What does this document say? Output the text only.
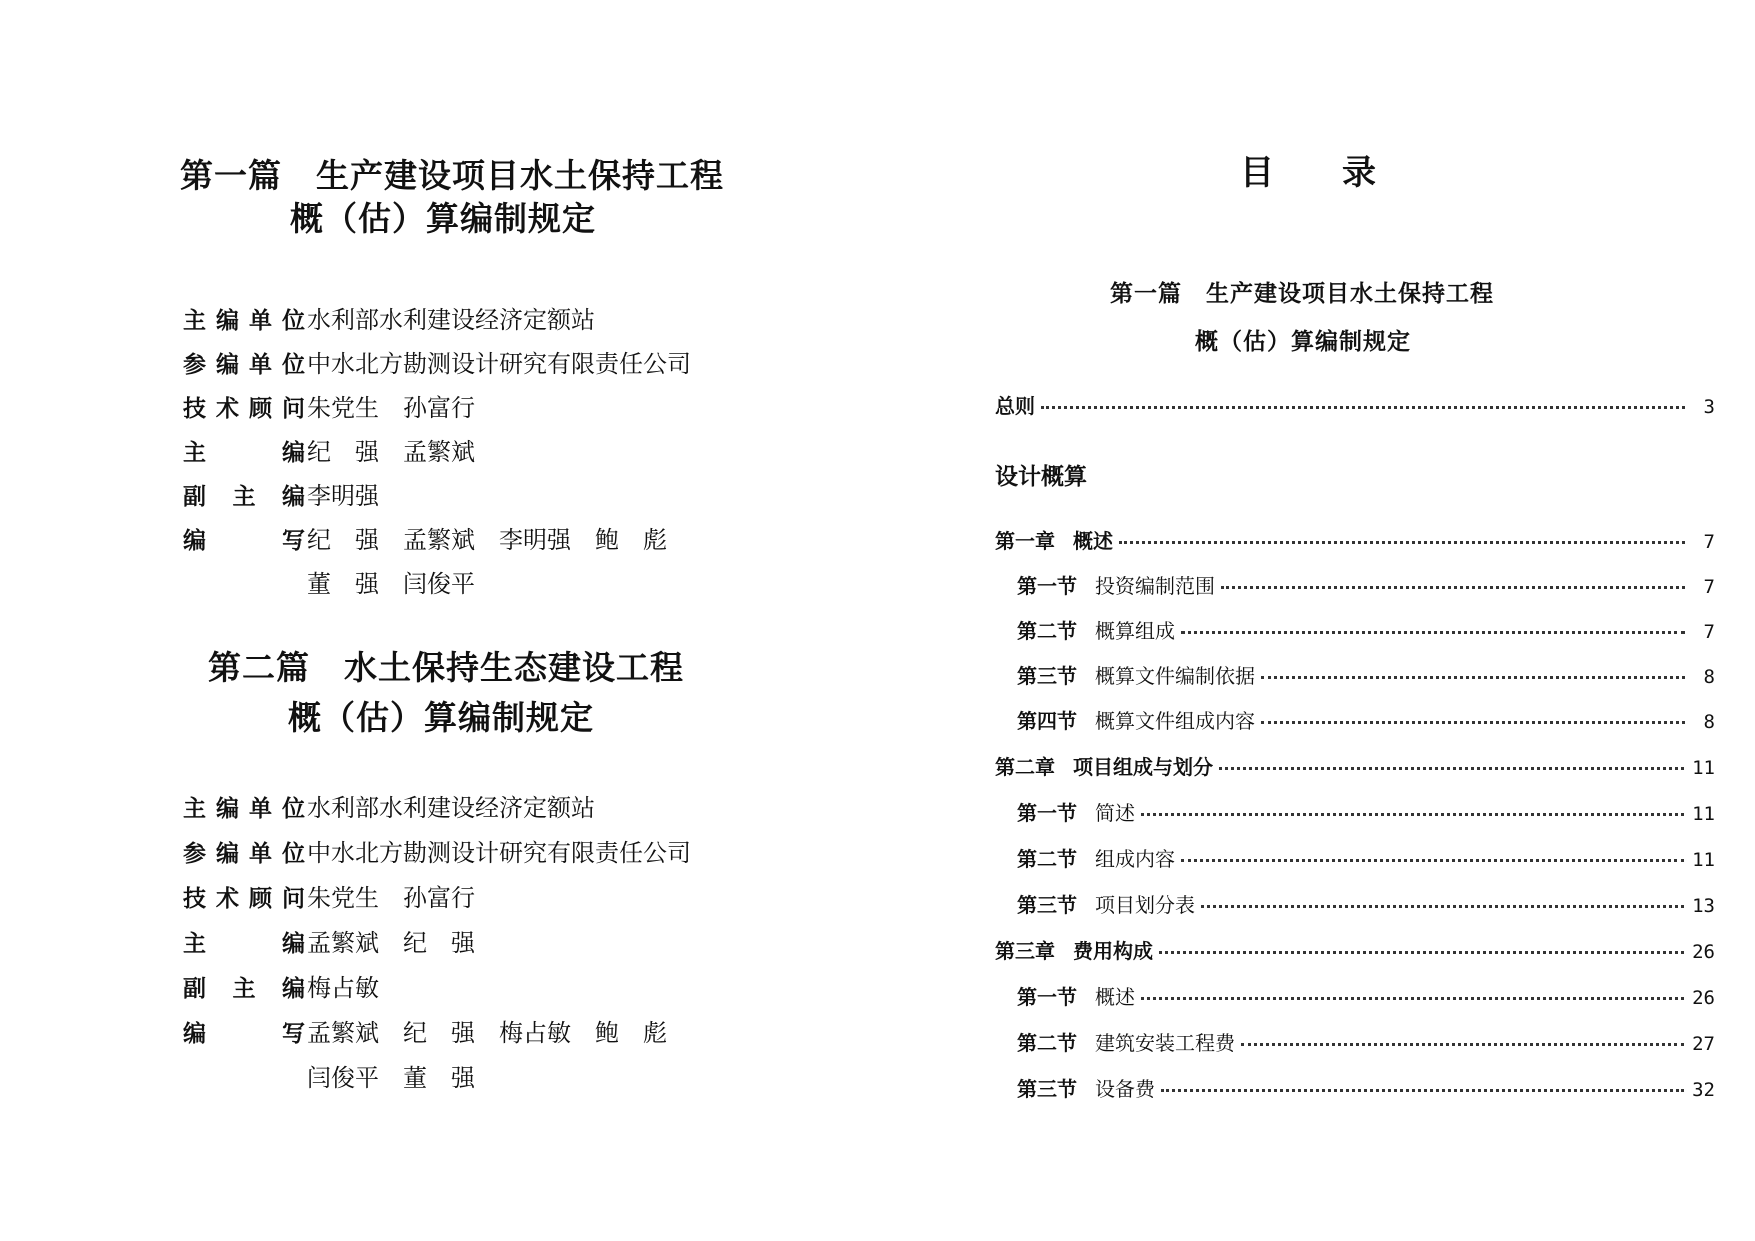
第一篇　生产建设项目水土保持工程
概（估）算编制规定
主编单位 水利部水利建设经济定额站
参编单位 中水北方勘测设计研究有限责任公司
技术顾问 朱党生　孙富行
主　编 纪　强　孟繁斌
副主编 李明强
编　写 纪　强　孟繁斌　李明强　鲍　彪
董　强　闫俊平
第二篇　水土保持生态建设工程
概（估）算编制规定
主编单位 水利部水利建设经济定额站
参编单位 中水北方勘测设计研究有限责任公司
技术顾问 朱党生　孙富行
主　编 孟繁斌　纪　强
副主编 梅占敏
编　写 孟繁斌　纪　强　梅占敏　鲍　彪
闫俊平　董　强
目　　录
第一篇　生产建设项目水土保持工程
概（估）算编制规定
总则	3
设计概算
第一章 概述	7
第一节 投资编制范围	7
第二节 概算组成	7
第三节 概算文件编制依据	8
第四节 概算文件组成内容	8
第二章 项目组成与划分	11
第一节 简述	11
第二节 组成内容	11
第三节 项目划分表	13
第三章 费用构成	26
第一节 概述	26
第二节 建筑安装工程费	27
第三节 设备费	32
